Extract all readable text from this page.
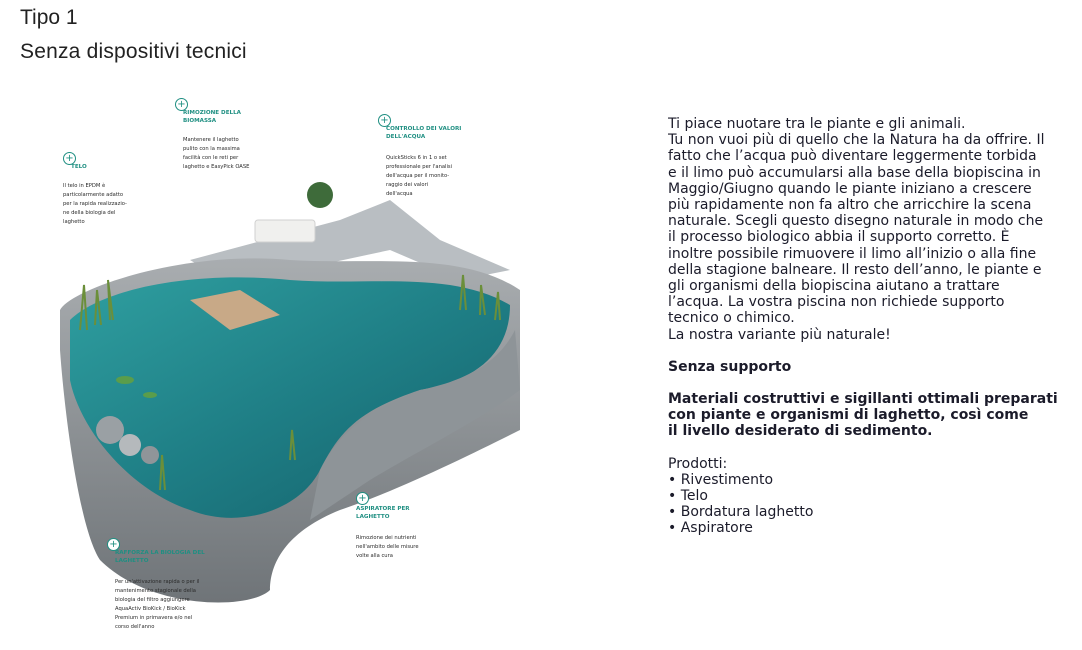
Tipo 1
Senza dispositivi tecnici
+
RIMOZIONE DELLA
BIOMASSA
Mantenere il laghetto
pulito con la massima
facilità con le reti per
laghetto e EasyPick OASE
+
CONTROLLO DEI VALORI
DELL'ACQUA
QuickSticks 6 in 1 o set
professionale per l'analisi
dell'acqua per il monito-
raggio dei valori
dell'acqua
+
TELO
Il telo in EPDM è
particolarmente adatto
per la rapida realizzazio-
ne della biologia del
laghetto
+
ASPIRATORE PER
LAGHETTO
Rimozione dei nutrienti
nell'ambito delle misure
volte alla cura
+
RAFFORZA LA BIOLOGIA DEL
LAGHETTO
Per un'attivazione rapida o per il
mantenimento stagionale della
biologia del filtro aggiungere
AquaActiv BioKick / BioKick
Premium in primavera e/o nel
corso dell'anno
Ti piace nuotare tra le piante e gli animali.
Tu non vuoi più di quello che la Natura ha da offrire. Il
fatto che l’acqua può diventare leggermente torbida
e il limo può accumularsi alla base della biopiscina in
Maggio/Giugno quando le piante iniziano a crescere
più rapidamente non fa altro che arricchire la scena
naturale. Scegli questo disegno naturale in modo che
il processo biologico abbia il supporto corretto. È
inoltre possibile rimuovere il limo all’inizio o alla fine
della stagione balneare. Il resto dell’anno, le piante e
gli organismi della biopiscina aiutano a trattare
l’acqua. La vostra piscina non richiede supporto
tecnico o chimico.
La nostra variante più naturale!
Senza supporto
Materiali costruttivi e sigillanti ottimali preparati
con piante e organismi di laghetto, così come
il livello desiderato di sedimento.
Prodotti:
• Rivestimento
• Telo
• Bordatura laghetto
• Aspiratore
